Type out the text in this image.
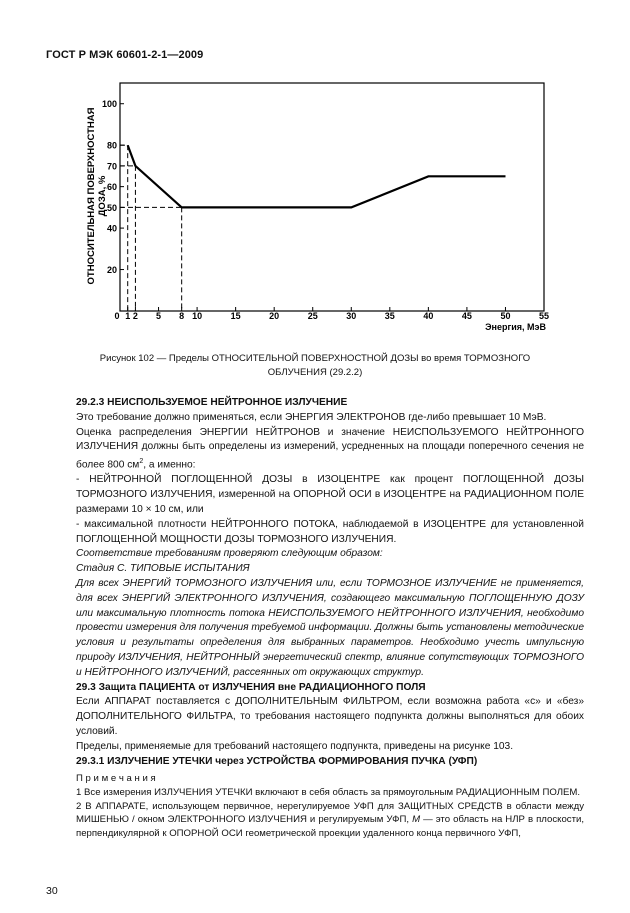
ГОСТ Р МЭК 60601-2-1—2009
20
40
50
60
70
80
100
1 2 5 8 10	15	20	25	30	35	40	45	50	55
ОТНОСИТЕЛЬНАЯ ПОВЕРХНОСТНАЯ ДОЗА, %
Энергия, МэВ
0
Рисунок 102 — Пределы ОТНОСИТЕЛЬНОЙ ПОВЕРХНОСТНОЙ ДОЗЫ во время ТОРМОЗНОГО
ОБЛУЧЕНИЯ (29.2.2)

29.2.3 НЕИСПОЛЬЗУЕМОЕ НЕЙТРОННОЕ ИЗЛУЧЕНИЕ

Это требование должно применяться, если ЭНЕРГИЯ ЭЛЕКТРОНОВ где-либо превышает 10 МэВ.

Оценка распределения ЭНЕРГИИ НЕЙТРОНОВ и значение НЕИСПОЛЬЗУЕМОГО НЕЙТРОННОГО ИЗЛУЧЕНИЯ должны быть определены из измерений, усредненных на площади поперечного сечения не более 800 $см^2$, а именно:

- НЕЙТРОННОЙ ПОГЛОЩЕННОЙ ДОЗЫ в ИЗОЦЕНТРЕ как процент ПОГЛОЩЕННОЙ ДОЗЫ ТОРМОЗНОГО ИЗЛУЧЕНИЯ, измеренной на ОПОРНОЙ ОСИ в ИЗОЦЕНТРЕ на РАДИАЦИОННОМ ПОЛЕ размерами 10 × 10 см, или

- максимальной плотности НЕЙТРОННОГО ПОТОКА, наблюдаемой в ИЗОЦЕНТРЕ для установленной ПОГЛОЩЕННОЙ МОЩНОСТИ ДОЗЫ ТОРМОЗНОГО ИЗЛУЧЕНИЯ.

Соответствие требованиям проверяют следующим образом:

Стадия С. ТИПОВЫЕ ИСПЫТАНИЯ

Для всех ЭНЕРГИЙ ТОРМОЗНОГО ИЗЛУЧЕНИЯ или, если ТОРМОЗНОЕ ИЗЛУЧЕНИЕ не применяется, для всех ЭНЕРГИЙ ЭЛЕКТРОННОГО ИЗЛУЧЕНИЯ, создающего максимальную ПОГЛОЩЕННУЮ ДОЗУ или максимальную плотность потока НЕИСПОЛЬЗУЕМОГО НЕЙТРОННОГО ИЗЛУЧЕНИЯ, необходимо провести измерения для получения требуемой информации. Должны быть установлены методические условия и результаты определения для выбранных параметров. Необходимо учесть импульсную природу ИЗЛУЧЕНИЯ, НЕЙТРОННЫЙ энергетический спектр, влияние сопутствующих ТОРМОЗНОГО и НЕЙТРОННОГО ИЗЛУЧЕНИЙ, рассеянных от окружающих структур.

29.3 Защита ПАЦИЕНТА от ИЗЛУЧЕНИЯ вне РАДИАЦИОННОГО ПОЛЯ

Если АППАРАТ поставляется с ДОПОЛНИТЕЛЬНЫМ ФИЛЬТРОМ, если возможна работа «с» и «без» ДОПОЛНИТЕЛЬНОГО ФИЛЬТРА, то требования настоящего подпункта должны выполняться для обоих условий.

Пределы, применяемые для требований настоящего подпункта, приведены на рисунке 103.

29.3.1 ИЗЛУЧЕНИЕ УТЕЧКИ через УСТРОЙСТВА ФОРМИРОВАНИЯ ПУЧКА (УФП)

П р и м е ч а н и я

1 Все измерения ИЗЛУЧЕНИЯ УТЕЧКИ включают в себя область за прямоугольным РАДИАЦИОННЫМ ПОЛЕМ.

2 В АППАРАТЕ, использующем первичное, нерегулируемое УФП для ЗАЩИТНЫХ СРЕДСТВ в области между МИШЕНЬЮ / окном ЭЛЕКТРОННОГО ИЗЛУЧЕНИЯ и регулируемым УФП, М — это область на НЛР в плоскости, перпендикулярной к ОПОРНОЙ ОСИ геометрической проекции удаленного конца первичного УФП,

30
